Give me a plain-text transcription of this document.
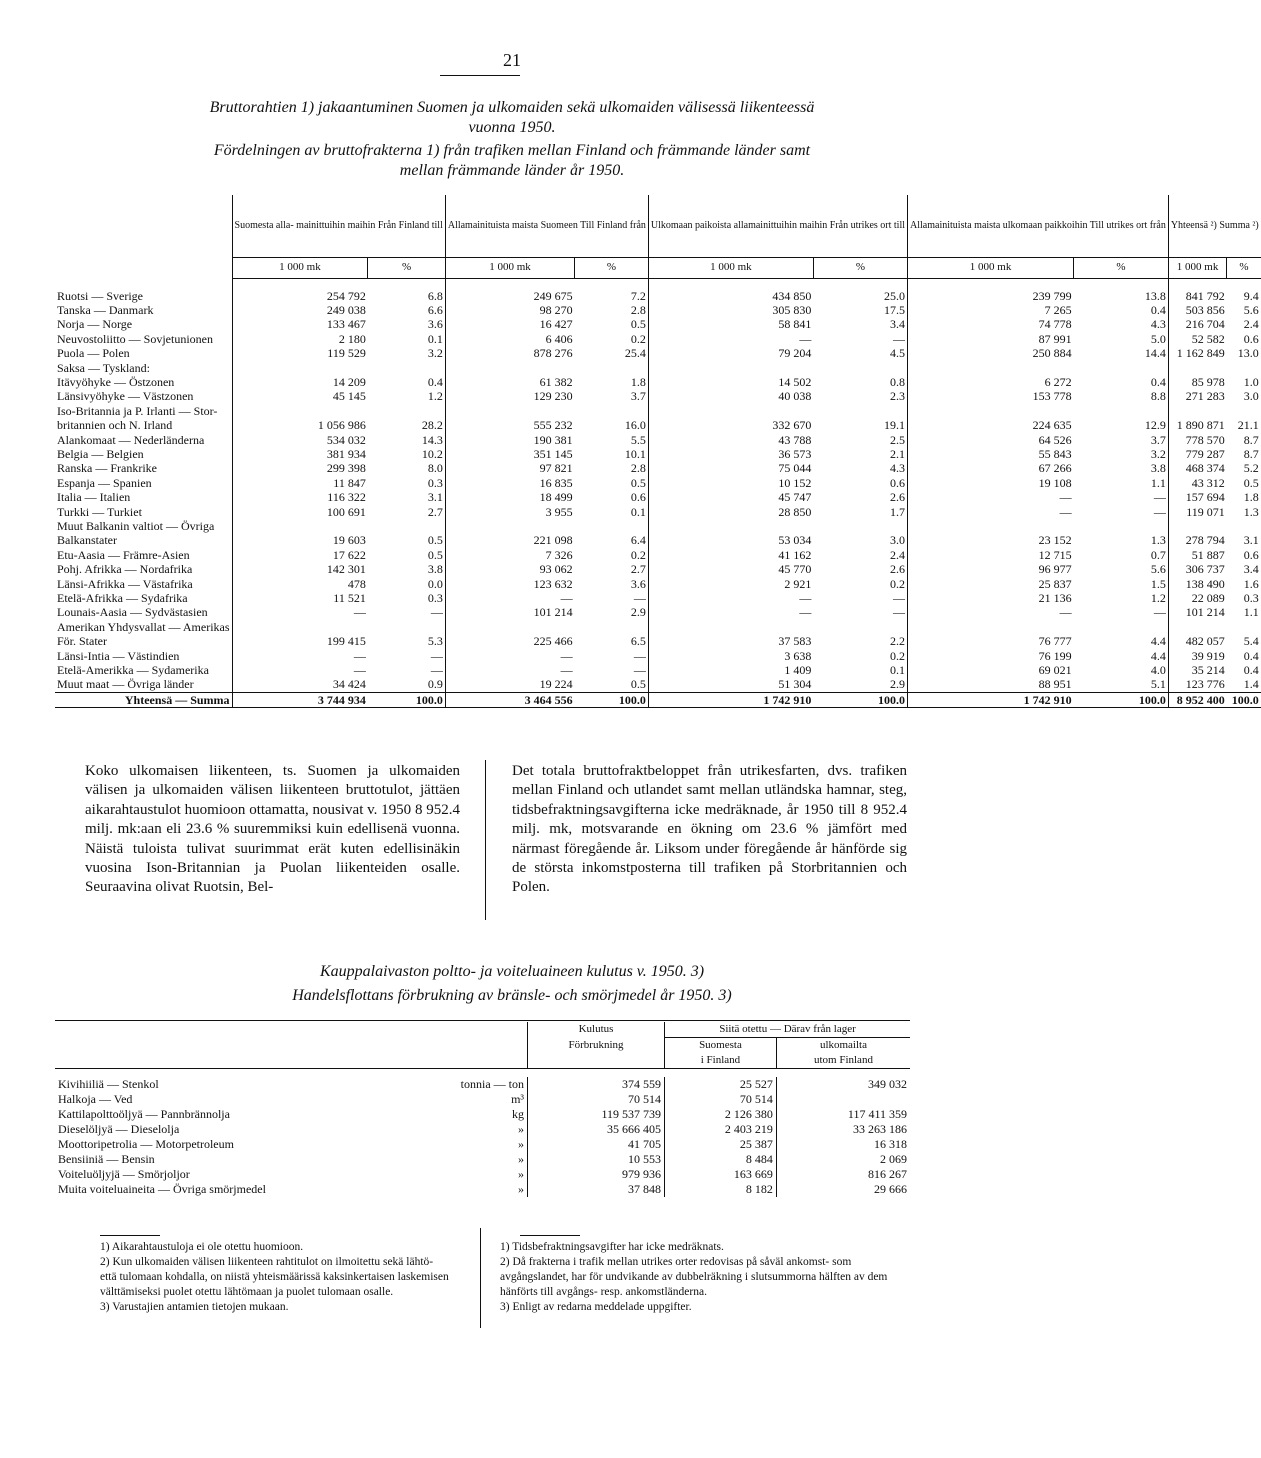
21
Bruttorahtien 1) jakaantuminen Suomen ja ulkomaiden sekä ulkomaiden välisessä liikenteessä
vuonna 1950.
Fördelningen av bruttofrakterna 1) från trafiken mellan Finland och främmande länder samt
mellan främmande länder år 1950.
	Suomesta alla- mainittuihin maihin Från Finland till		Allamainituista maista Suomeen Till Finland från		Ulkomaan paikoista allamainittuihin maihin Från utrikes ort till		Allamainituista maista ulkomaan paikkoihin Till utrikes ort från		Yhteensä ²) Summa ²)	
	1 000 mk	%	1 000 mk	%	1 000 mk	%	1 000 mk	%	1 000 mk	%

Ruotsi — Sverige	254 792	6.8	249 675	7.2	434 850	25.0	239 799	13.8	841 792	9.4
Tanska — Danmark	249 038	6.6	98 270	2.8	305 830	17.5	7 265	0.4	503 856	5.6
Norja — Norge	133 467	3.6	16 427	0.5	58 841	3.4	74 778	4.3	216 704	2.4
Neuvostoliitto — Sovjetunionen	2 180	0.1	6 406	0.2	—	—	87 991	5.0	52 582	0.6
Puola — Polen	119 529	3.2	878 276	25.4	79 204	4.5	250 884	14.4	1 162 849	13.0
Saksa — Tyskland:										
Itävyöhyke — Östzonen	14 209	0.4	61 382	1.8	14 502	0.8	6 272	0.4	85 978	1.0
Länsivyöhyke — Västzonen	45 145	1.2	129 230	3.7	40 038	2.3	153 778	8.8	271 283	3.0
Iso-Britannia ja P. Irlanti — Stor-										
britannien och N. Irland	1 056 986	28.2	555 232	16.0	332 670	19.1	224 635	12.9	1 890 871	21.1
Alankomaat — Nederländerna	534 032	14.3	190 381	5.5	43 788	2.5	64 526	3.7	778 570	8.7
Belgia — Belgien	381 934	10.2	351 145	10.1	36 573	2.1	55 843	3.2	779 287	8.7
Ranska — Frankrike	299 398	8.0	97 821	2.8	75 044	4.3	67 266	3.8	468 374	5.2
Espanja — Spanien	11 847	0.3	16 835	0.5	10 152	0.6	19 108	1.1	43 312	0.5
Italia — Italien	116 322	3.1	18 499	0.6	45 747	2.6	—	—	157 694	1.8
Turkki — Turkiet	100 691	2.7	3 955	0.1	28 850	1.7	—	—	119 071	1.3
Muut Balkanin valtiot — Övriga										
Balkanstater	19 603	0.5	221 098	6.4	53 034	3.0	23 152	1.3	278 794	3.1
Etu-Aasia — Främre-Asien	17 622	0.5	7 326	0.2	41 162	2.4	12 715	0.7	51 887	0.6
Pohj. Afrikka — Nordafrika	142 301	3.8	93 062	2.7	45 770	2.6	96 977	5.6	306 737	3.4
Länsi-Afrikka — Västafrika	478	0.0	123 632	3.6	2 921	0.2	25 837	1.5	138 490	1.6
Etelä-Afrikka — Sydafrika	11 521	0.3	—	—	—	—	21 136	1.2	22 089	0.3
Lounais-Aasia — Sydvästasien	—	—	101 214	2.9	—	—	—	—	101 214	1.1
Amerikan Yhdysvallat — Amerikas										
För. Stater	199 415	5.3	225 466	6.5	37 583	2.2	76 777	4.4	482 057	5.4
Länsi-Intia — Västindien	—	—	—	—	3 638	0.2	76 199	4.4	39 919	0.4
Etelä-Amerikka — Sydamerika	—	—	—	—	1 409	0.1	69 021	4.0	35 214	0.4
Muut maat — Övriga länder	34 424	0.9	19 224	0.5	51 304	2.9	88 951	5.1	123 776	1.4
Yhteensä — Summa	3 744 934	100.0	3 464 556	100.0	1 742 910	100.0	1 742 910	100.0	8 952 400	100.0
Koko ulkomaisen liikenteen, ts. Suomen ja ulkomaiden välisen ja ulkomaiden välisen liikenteen bruttotulot, jättäen aikarahtaustulot huomioon ottamatta, nousivat v. 1950 8 952.4 milj. mk:aan eli 23.6 % suuremmiksi kuin edellisenä vuonna. Näistä tuloista tulivat suurimmat erät kuten edellisinäkin vuosina Ison-Britannian ja Puolan liikenteiden osalle. Seuraavina olivat Ruotsin, Bel-
Det totala bruttofraktbeloppet från utrikesfarten, dvs. trafiken mellan Finland och utlandet samt mellan utländska hamnar, steg, tidsbefraktningsavgifterna icke medräknade, år 1950 till 8 952.4 milj. mk, motsvarande en ökning om 23.6 % jämfört med närmast föregående år. Liksom under föregående år hänförde sig de största inkomstposterna till trafiken på Storbritannien och Polen.
Kauppalaivaston poltto- ja voiteluaineen kulutus v. 1950. 3)
Handelsflottans förbrukning av bränsle- och smörjmedel år 1950. 3)
		Kulutus	Siitä otettu — Därav från lager	
		Förbrukning	Suomesta	ulkomailta
			i Finland	utom Finland

Kivihiiliä — Stenkol	tonnia — ton	374 559	25 527	349 032
Halkoja — Ved	m³	70 514	70 514	
Kattilapolttoöljyä — Pannbrännolja	kg	119 537 739	2 126 380	117 411 359
Dieselöljyä — Dieselolja	»	35 666 405	2 403 219	33 263 186
Moottoripetrolia — Motorpetroleum	»	41 705	25 387	16 318
Bensiiniä — Bensin	»	10 553	8 484	2 069
Voiteluöljyjä — Smörjoljor	»	979 936	163 669	816 267
Muita voiteluaineita — Övriga smörjmedel	»	37 848	8 182	29 666
1) Aikarahtaustuloja ei ole otettu huomioon.
2) Kun ulkomaiden välisen liikenteen rahtitulot on ilmoitettu sekä lähtö- että tulomaan kohdalla, on niistä yhteismäärissä kaksinkertaisen laskemisen välttämiseksi puolet otettu lähtömaan ja puolet tulomaan osalle.
3) Varustajien antamien tietojen mukaan.
1) Tidsbefraktningsavgifter har icke medräknats.
2) Då frakterna i trafik mellan utrikes orter redovisas på såväl ankomst- som avgångslandet, har för undvikande av dubbelräkning i slutsummorna hälften av dem hänförts till avgångs- resp. ankomstländerna.
3) Enligt av redarna meddelade uppgifter.
